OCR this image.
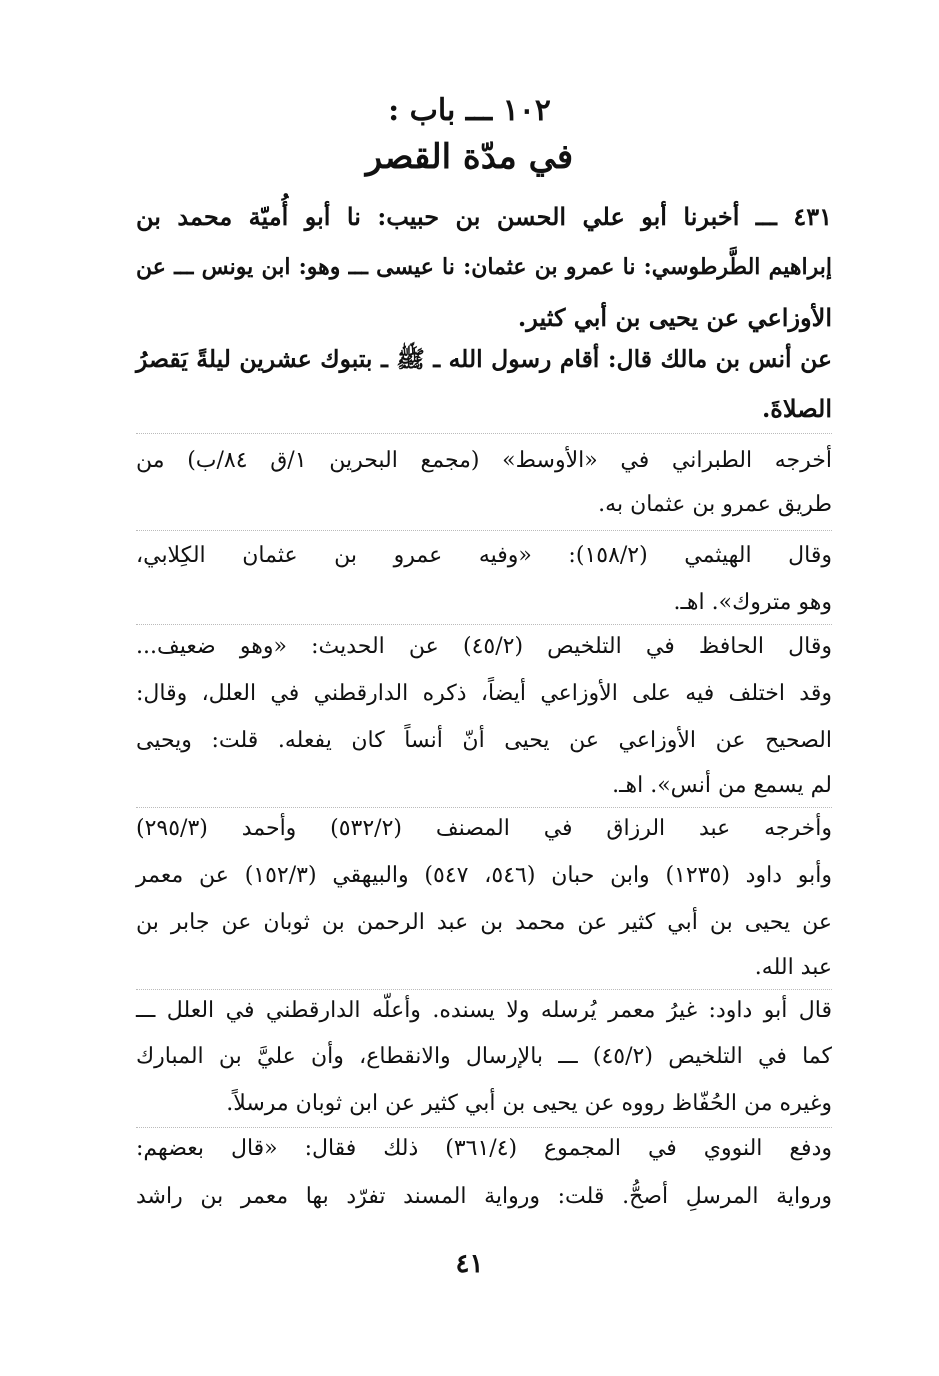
١٠٢ ـــ باب :
في مدّة القصر
٤٣١ ـــ أخبرنا أبو علي الحسن بن حبيب: نا أبو أُميّة محمد بن
إبراهيم الطَّرطوسي: نا عمرو بن عثمان: نا عيسى ـــ وهو: ابن يونس ـــ عن
الأوزاعي عن يحيى بن أبي كثير.
عن أنس بن مالك قال: أقام رسول الله ـ ﷺ ـ بتبوك عشرين ليلةً يَقصرُ
الصلاةَ.
أخرجه الطبراني في «الأوسط» (مجمع البحرين ١/ق ٨٤/ب) من
طريق عمرو بن عثمان به.
وقال الهيثمي (١٥٨/٢): «وفيه عمرو بن عثمان الكِلابي،
وهو متروك». اهـ.
وقال الحافظ في التلخيص (٤٥/٢) عن الحديث: «وهو ضعيف...
وقد اختلف فيه على الأوزاعي أيضاً، ذكره الدارقطني في العلل، وقال:
الصحيح عن الأوزاعي عن يحيى أنّ أنساً كان يفعله. قلت: ويحيى
لم يسمع من أنس». اهـ.
وأخرجه عبد الرزاق في المصنف (٥٣٢/٢) وأحمد (٢٩٥/٣)
وأبو داود (١٢٣٥) وابن حبان (٥٤٦، ٥٤٧) والبيهقي (١٥٢/٣) عن معمر
عن يحيى بن أبي كثير عن محمد بن عبد الرحمن بن ثوبان عن جابر بن
عبد الله.
قال أبو داود: غيرُ معمر يُرسله ولا يسنده. وأعلّه الدارقطني في العلل ـــ
كما في التلخيص (٤٥/٢) ـــ بالإرسال والانقطاع، وأن عليَّ بن المبارك
وغيره من الحُفّاظ رووه عن يحيى بن أبي كثير عن ابن ثوبان مرسلاً.
ودفع النووي في المجموع (٣٦١/٤) ذلك فقال: «قال بعضهم:
ورواية المرسلِ أصحُّ. قلت: ورواية المسند تفرّد بها معمر بن راشد
٤١
